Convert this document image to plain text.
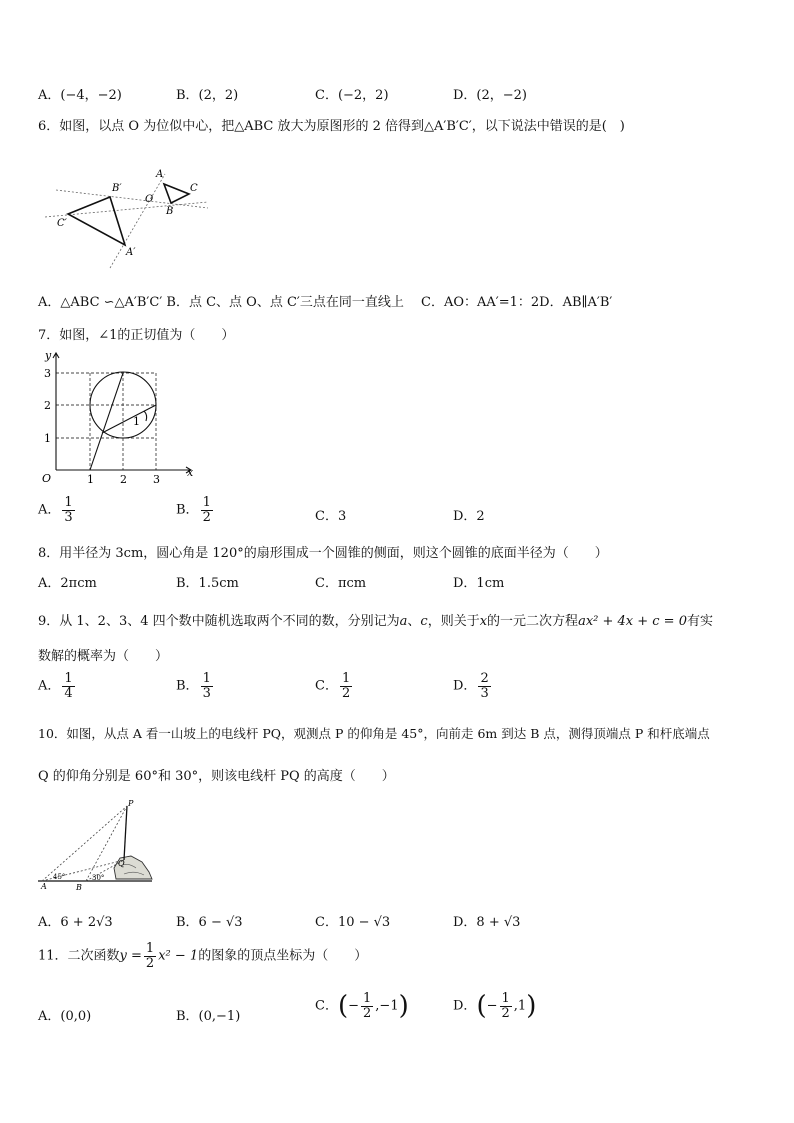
A．(−4，−2)	B．(2，2)	C．(−2，2)	D．(2，−2)
6．如图，以点 O 为位似中心，把△ABC 放大为原图形的 2 倍得到△A′B′C′，以下说法中错误的是(　)
B′
C′
A′
O
A
C
B
A．△ABC ∽△A′B′C′ B．点 C、点 O、点 C′三点在同一直线上　 C．AO：AA′=1：2D．AB∥A′B′
7．如图，∠1的正切值为（　　）
y
x
O
1
2
3
1 2 3
1
A． $\frac{1}{3}$	B． $\frac{1}{2}$	C．3	D．2
8．用半径为 3cm，圆心角是 120°的扇形围成一个圆锥的侧面，则这个圆锥的底面半径为（　　）
A．2πcm	B．1.5cm	C．πcm	D．1cm
9．从 1、2、3、4 四个数中随机选取两个不同的数，分别记为a、c，则关于x的一元二次方程ax² + 4x + c = 0有实
数解的概率为（　　）
A． $\frac{1}{4}$	B． $\frac{1}{3}$	C． $\frac{1}{2}$	D． $\frac{2}{3}$
10．如图，从点 A 看一山坡上的电线杆 PQ，观测点 P 的仰角是 45°，向前走 6m 到达 B 点，测得顶端点 P 和杆底端点
Q 的仰角分别是 60°和 30°，则该电线杆 PQ 的高度（　　）
P
Q
A	B
45°	30°
A．6 + 2√3	B．6 − √3	C．10 − √3	D．8 + √3
11．二次函数$y = \frac{1}{2} x^2 - 1$的图象的顶点坐标为（　　）
A．(0,0)	B．(0,−1)
C．(− $\frac{1}{2} ,-1$)	D．(− $\frac{1}{2} ,1$)
